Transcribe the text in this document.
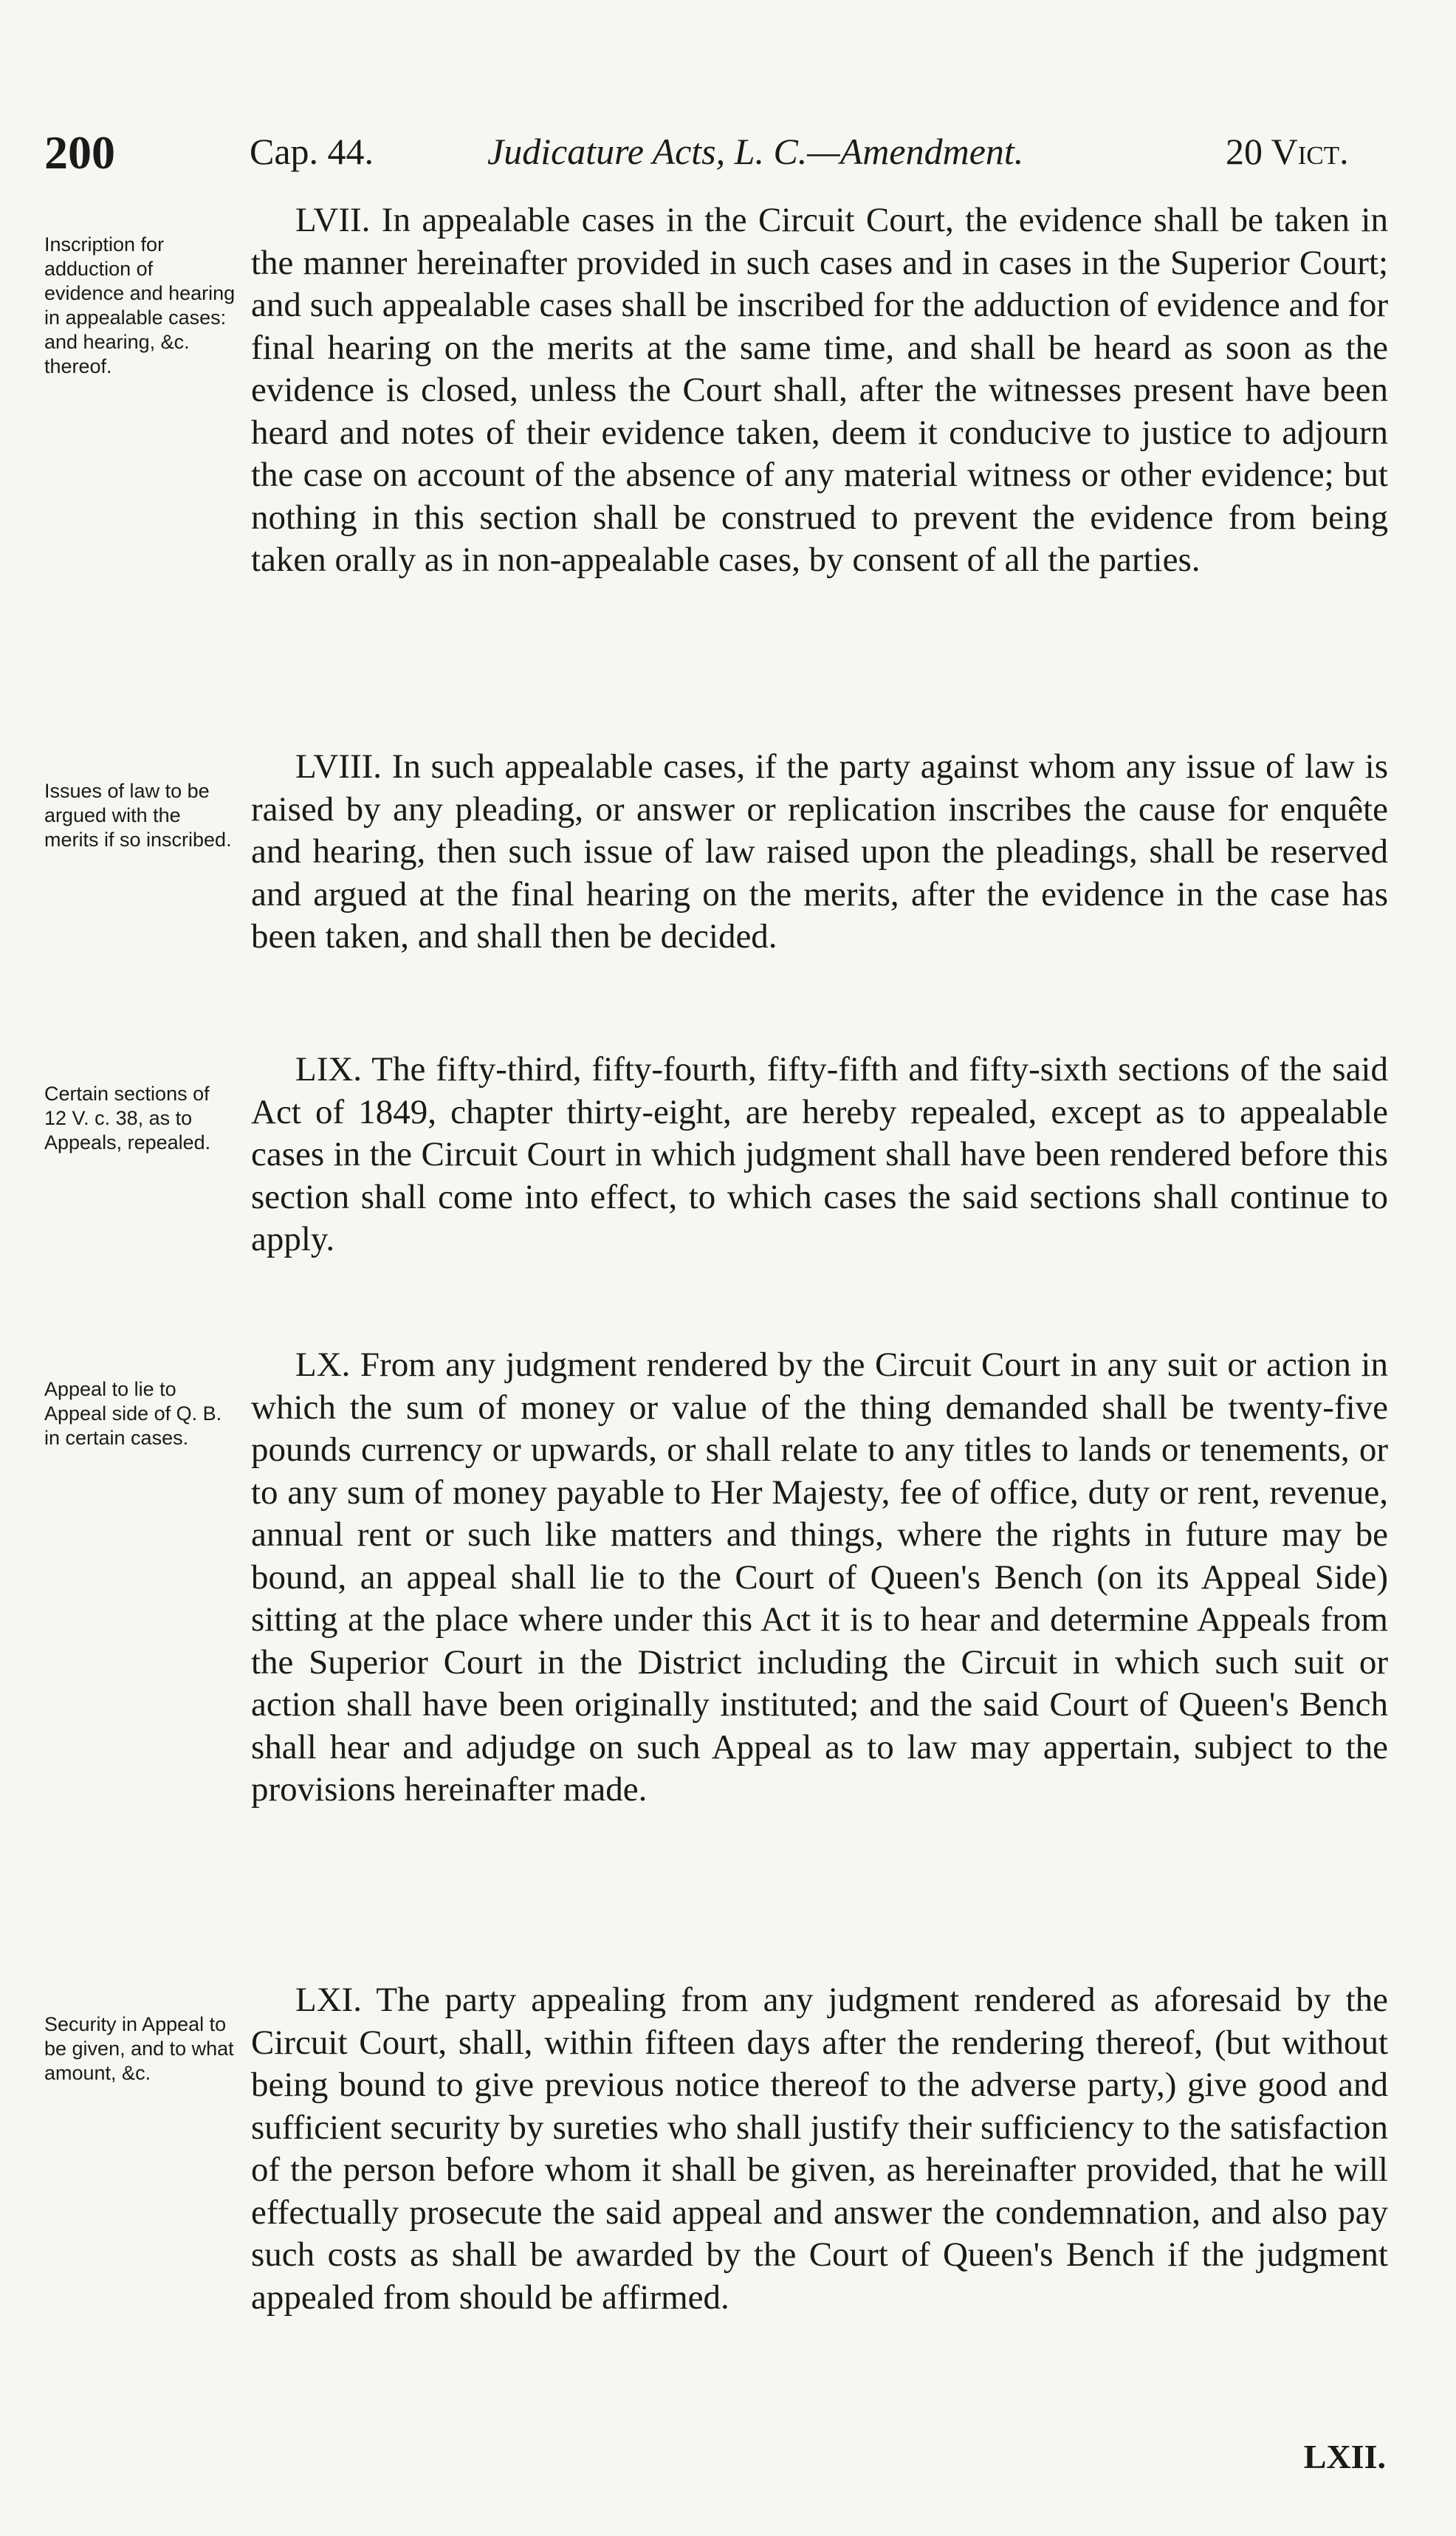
200	Cap. 44.	Judicature Acts, L. C.—Amendment.	20 Vict.
Inscription for adduction of evidence and hearing in appealable cases: and hearing, &c. thereof.
LVII. In appealable cases in the Circuit Court, the evidence shall be taken in the manner hereinafter provided in such cases and in cases in the Superior Court; and such appealable cases shall be inscribed for the adduction of evidence and for final hearing on the merits at the same time, and shall be heard as soon as the evidence is closed, unless the Court shall, after the witnesses present have been heard and notes of their evidence taken, deem it conducive to justice to adjourn the case on account of the absence of any material witness or other evidence; but nothing in this section shall be construed to prevent the evidence from being taken orally as in non-appealable cases, by consent of all the parties.
Issues of law to be argued with the merits if so inscribed.
LVIII. In such appealable cases, if the party against whom any issue of law is raised by any pleading, or answer or replication inscribes the cause for enquête and hearing, then such issue of law raised upon the pleadings, shall be reserved and argued at the final hearing on the merits, after the evidence in the case has been taken, and shall then be decided.
Certain sections of 12 V. c. 38, as to Appeals, repealed.
LIX. The fifty-third, fifty-fourth, fifty-fifth and fifty-sixth sections of the said Act of 1849, chapter thirty-eight, are hereby repealed, except as to appealable cases in the Circuit Court in which judgment shall have been rendered before this section shall come into effect, to which cases the said sections shall continue to apply.
Appeal to lie to Appeal side of Q. B. in certain cases.
LX. From any judgment rendered by the Circuit Court in any suit or action in which the sum of money or value of the thing demanded shall be twenty-five pounds currency or upwards, or shall relate to any titles to lands or tenements, or to any sum of money payable to Her Majesty, fee of office, duty or rent, revenue, annual rent or such like matters and things, where the rights in future may be bound, an appeal shall lie to the Court of Queen's Bench (on its Appeal Side) sitting at the place where under this Act it is to hear and determine Appeals from the Superior Court in the District including the Circuit in which such suit or action shall have been originally instituted; and the said Court of Queen's Bench shall hear and adjudge on such Appeal as to law may appertain, subject to the provisions hereinafter made.
Security in Appeal to be given, and to what amount, &c.
LXI. The party appealing from any judgment rendered as aforesaid by the Circuit Court, shall, within fifteen days after the rendering thereof, (but without being bound to give previous notice thereof to the adverse party,) give good and sufficient security by sureties who shall justify their sufficiency to the satisfaction of the person before whom it shall be given, as hereinafter provided, that he will effectually prosecute the said appeal and answer the condemnation, and also pay such costs as shall be awarded by the Court of Queen's Bench if the judgment appealed from should be affirmed.
LXII.
